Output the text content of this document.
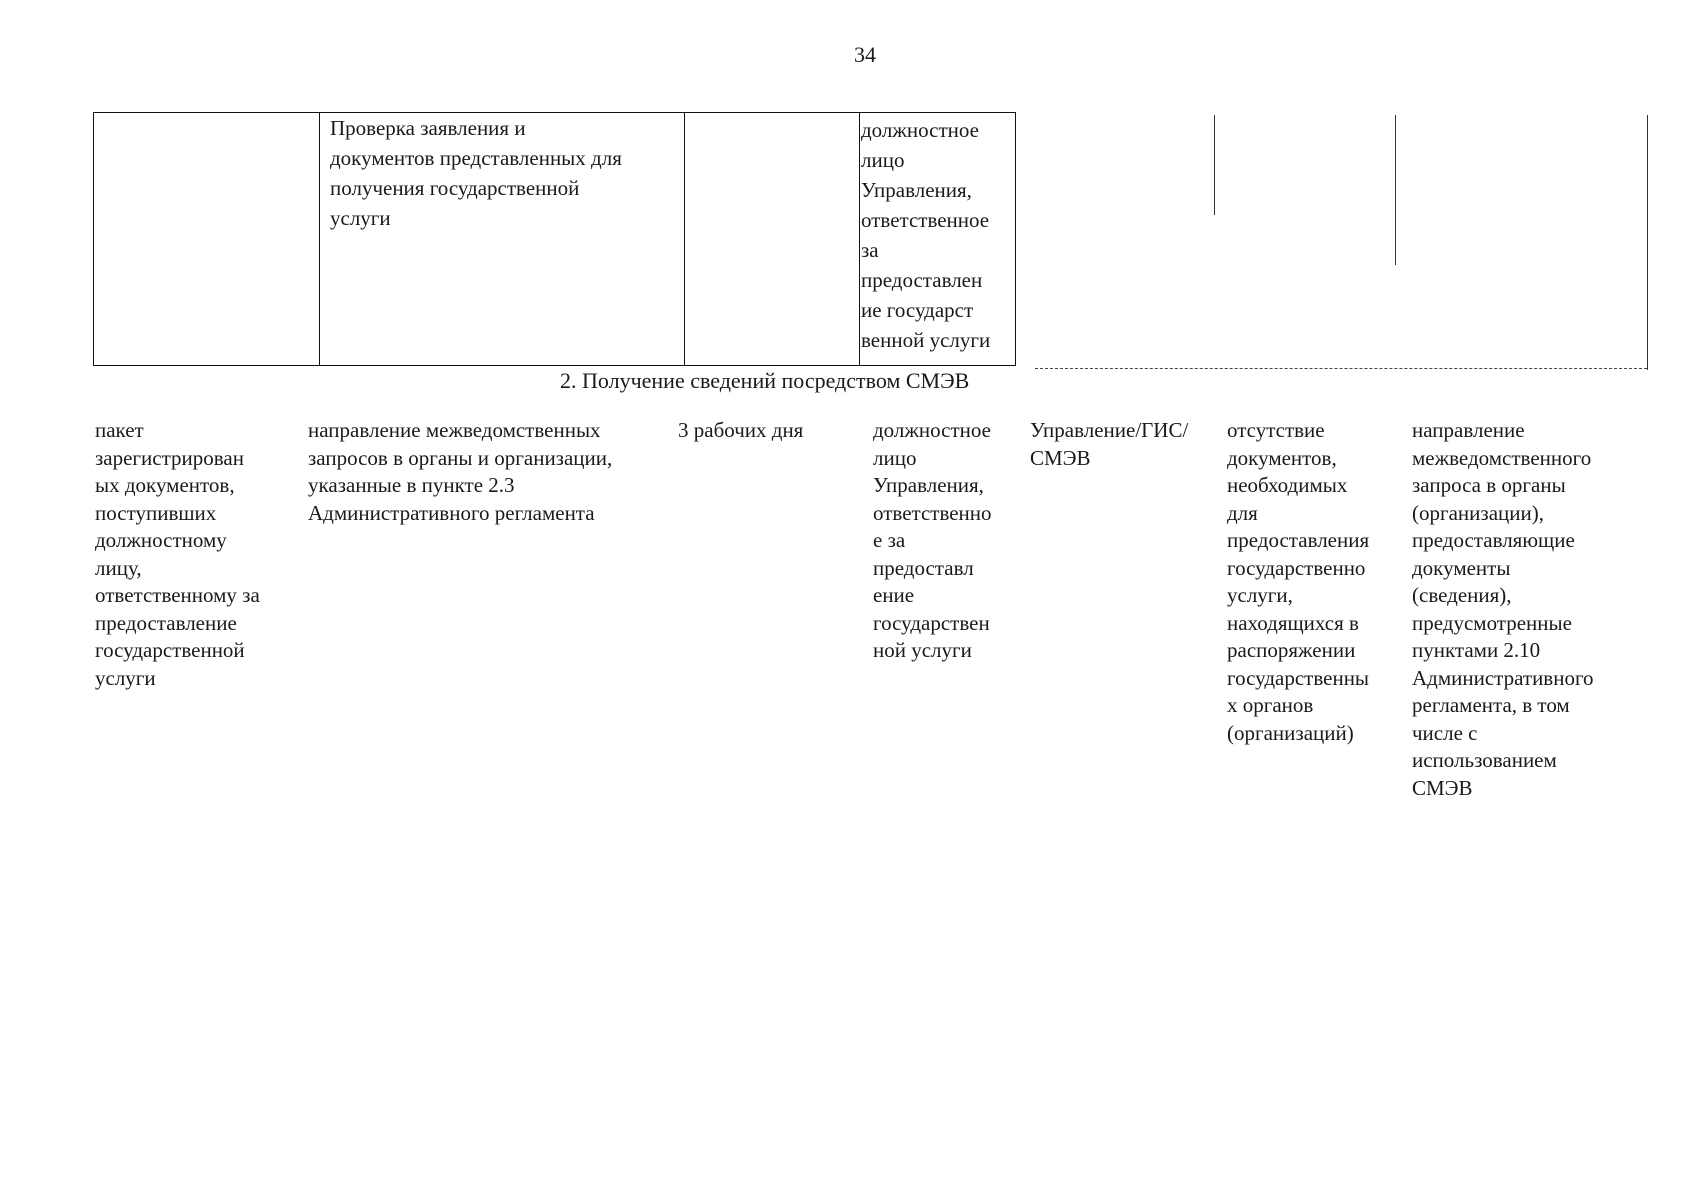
34
Проверка заявления и
документов представленных для
получения государственной
услуги
должностное
лицо
Управления,
ответственное
за
предоставлен
ие государст
венной услуги
2. Получение сведений посредством СМЭВ
пакет
зарегистрирован
ых документов,
поступивших
должностному
лицу,
ответственному за
предоставление
государственной
услуги
направление межведомственных
запросов в органы и организации,
указанные в пункте 2.3
Административного регламента
3 рабочих дня	должностное
лицо
Управления,
ответственно
е за
предоставл
ение
государствен
ной услуги
Управление/ГИС/
СМЭВ
отсутствие
документов,
необходимых
для
предоставления
государственно
услуги,
находящихся в
распоряжении
государственны
х органов
(организаций)
направление
межведомственного
запроса в органы
(организации),
предоставляющие
документы
(сведения),
предусмотренные
пунктами 2.10
Административного
регламента, в том
числе с
использованием
СМЭВ
